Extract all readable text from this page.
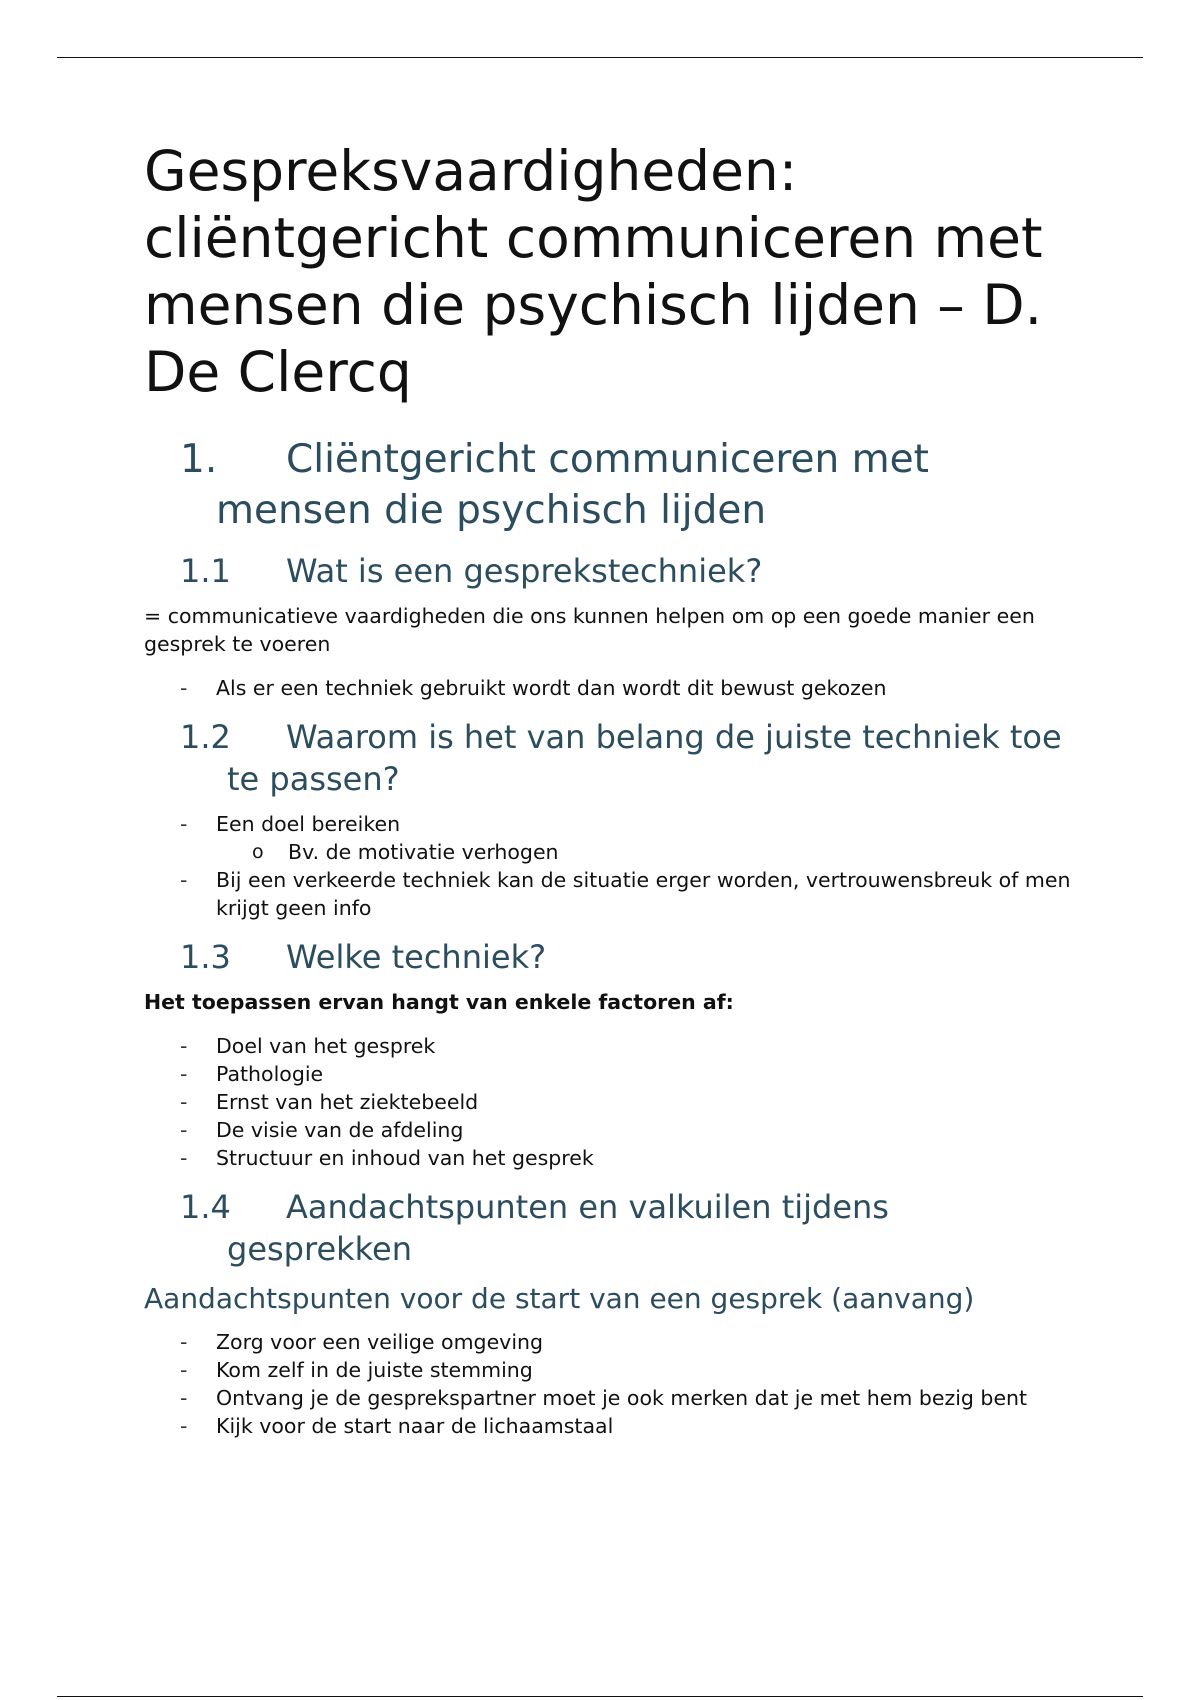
Gespreksvaardigheden: cliëntgericht communiceren met mensen die psychisch lijden – D. De Clercq
1. Cliëntgericht communiceren met mensen die psychisch lijden
1.1 Wat is een gesprekstechniek?

= communicatieve vaardigheden die ons kunnen helpen om op een goede manier een gesprek te voeren

- Als er een techniek gebruikt wordt dan wordt dit bewust gekozen
1.2 Waarom is het van belang de juiste techniek toe te passen?
- Een doel bereiken
o Bv. de motivatie verhogen
- Bij een verkeerde techniek kan de situatie erger worden, vertrouwensbreuk of men krijgt geen info
1.3 Welke techniek?

Het toepassen ervan hangt van enkele factoren af:

- Doel van het gesprek
- Pathologie
- Ernst van het ziektebeeld
- De visie van de afdeling
- Structuur en inhoud van het gesprek
1.4 Aandachtspunten en valkuilen tijdens gesprekken
Aandachtspunten voor de start van een gesprek (aanvang)
- Zorg voor een veilige omgeving
- Kom zelf in de juiste stemming
- Ontvang je de gesprekspartner moet je ook merken dat je met hem bezig bent
- Kijk voor de start naar de lichaamstaal
